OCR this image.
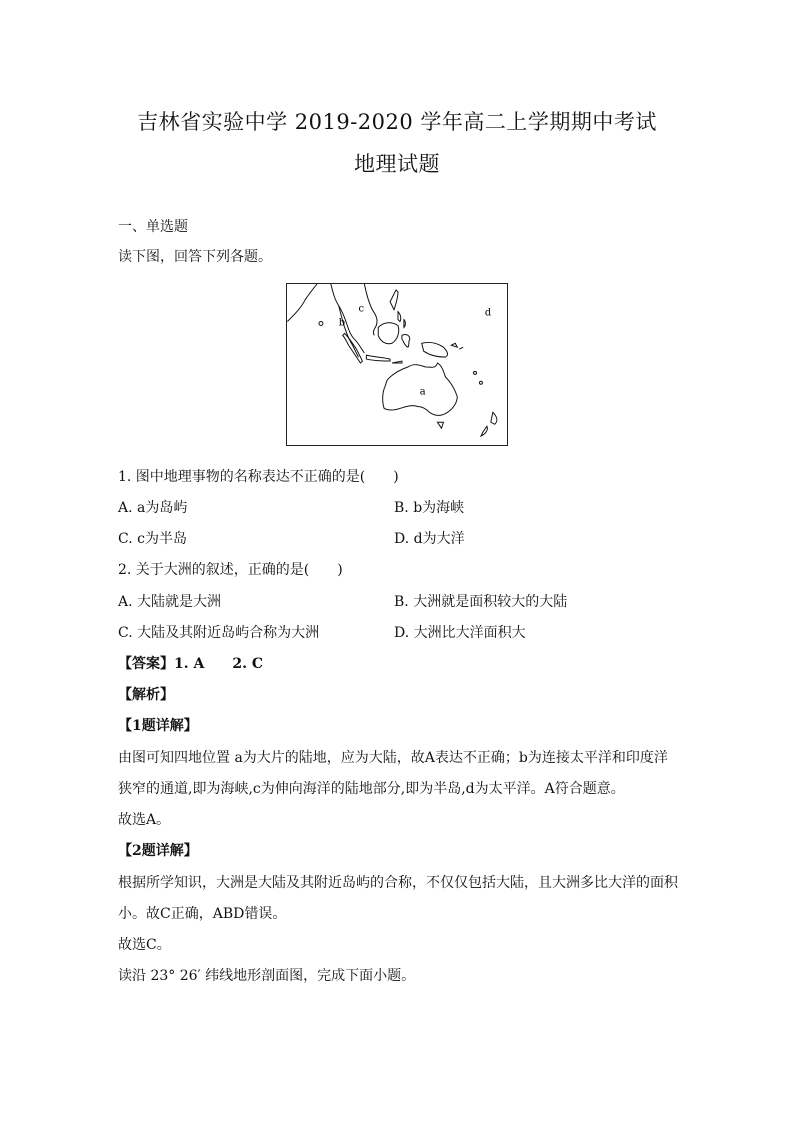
吉林省实验中学 2019-2020 学年高二上学期期中考试
地理试题
一、单选题
读下图，回答下列各题。
a
b
c	d
1. 图中地理事物的名称表达不正确的是(　　)
A. a为岛屿	B. b为海峡
C. c为半岛	D. d为大洋
2. 关于大洲的叙述，正确的是(　　)
A. 大陆就是大洲	B. 大洲就是面积较大的大陆
C. 大陆及其附近岛屿合称为大洲	D. 大洲比大洋面积大
【答案】1. A　　2. C
【解析】
【1题详解】
由图可知四地位置 a为大片的陆地，应为大陆，故A表达不正确；b为连接太平洋和印度洋
狭窄的通道,即为海峡,c为伸向海洋的陆地部分,即为半岛,d为太平洋。A符合题意。
故选A。
【2题详解】
根据所学知识，大洲是大陆及其附近岛屿的合称，不仅仅包括大陆，且大洲多比大洋的面积
小。故C正确，ABD错误。
故选C。
读沿 23° 26′ 纬线地形剖面图，完成下面小题。
